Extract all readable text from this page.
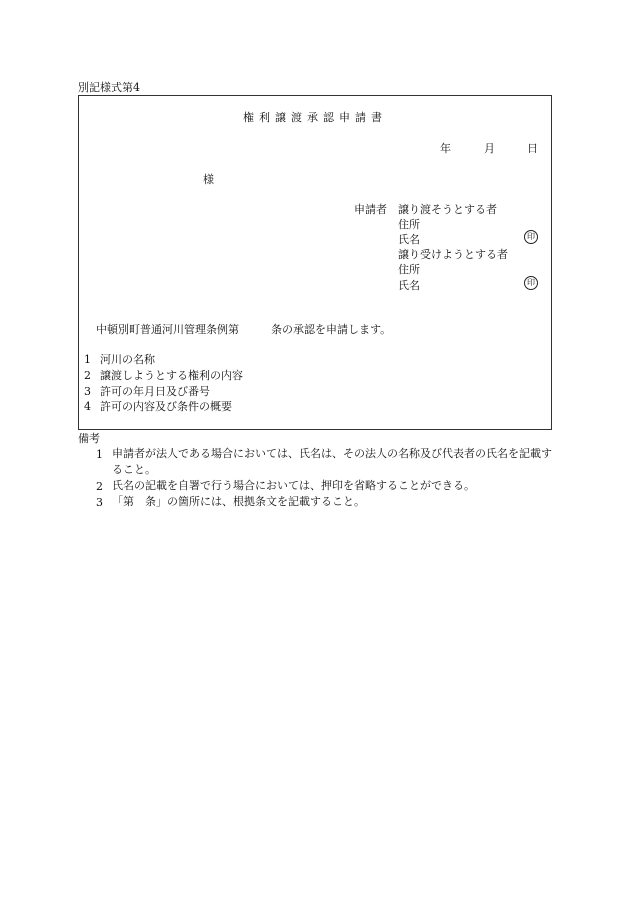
別記様式第4
権利譲渡承認申請書
年	月	日
様
申請者 譲り渡そうとする者
住所
氏名	印
譲り受けようとする者
住所
氏名	印
中頓別町普通河川管理条例第	条の承認を申請します。
1 河川の名称
2 譲渡しようとする権利の内容
3 許可の年月日及び番号
4 許可の内容及び条件の概要
備考
1 申請者が法人である場合においては、氏名は、その法人の名称及び代表者の氏名を記載すること。
2 氏名の記載を自署で行う場合においては、押印を省略することができる。
3 「第　条」の箇所には、根拠条文を記載すること。
